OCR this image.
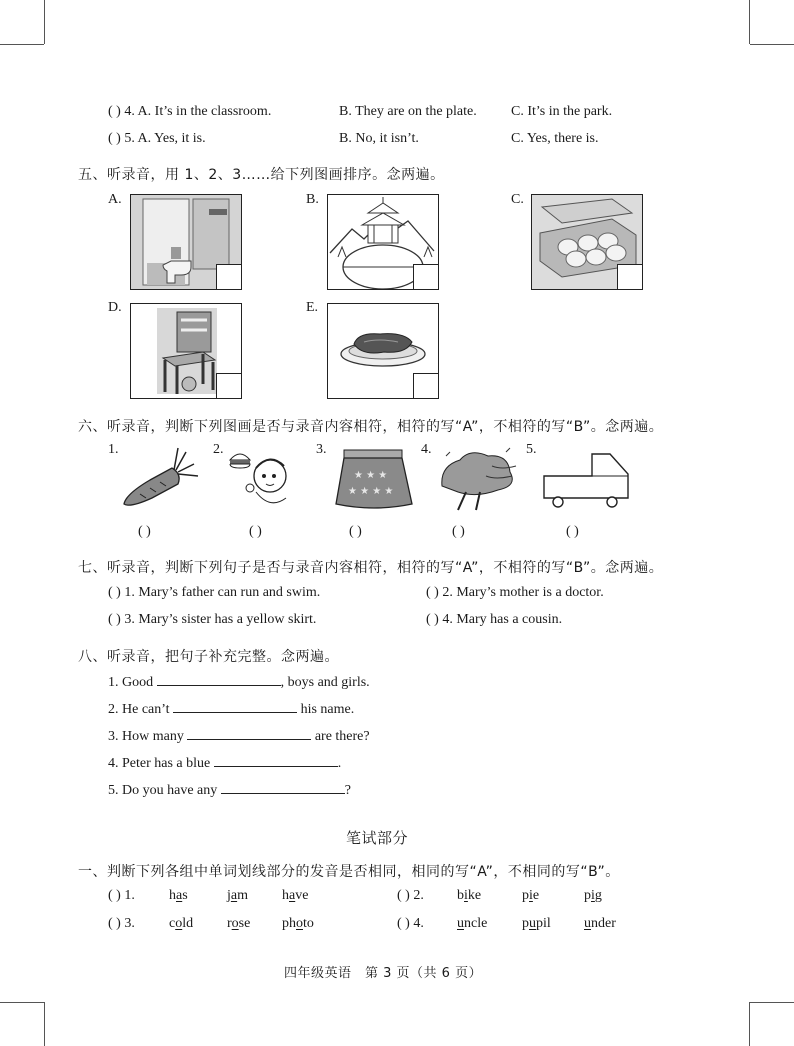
( ) 4. A. It’s in the classroom.	B. They are on the plate. C. It’s in the park.
( ) 5. A. Yes, it is.	B. No, it isn’t.	C. Yes, there is.
五、听录音，用 1、2、3……给下列图画排序。念两遍。
A.	B.	C.
D.	E.
六、听录音，判断下列图画是否与录音内容相符，相符的写“A”，不相符的写“B”。念两遍。
1.
( )
2.
( )
3.
★ ★ ★
★ ★ ★ ★
( )
4.
( )
5.
( )
七、听录音，判断下列句子是否与录音内容相符，相符的写“A”，不相符的写“B”。念两遍。
( ) 1. Mary’s father can run and swim.	( ) 2. Mary’s mother is a doctor.
( ) 3. Mary’s sister has a yellow skirt.	( ) 4. Mary has a cousin.
八、听录音，把句子补充完整。念两遍。
1. Good	, boys and girls.
2. He can’t	his name.
3. How many	are there?
4. Peter has a blue	.
5. Do you have any	?
笔试部分
一、判断下列各组中单词划线部分的发音是否相同，相同的写“A”，不相同的写“B”。
( ) 1. has	jam have	( ) 2. bike	pie	pig
( ) 3. cold rose photo	( ) 4. uncle pupil under
四年级英语　第 3 页（共 6 页）
